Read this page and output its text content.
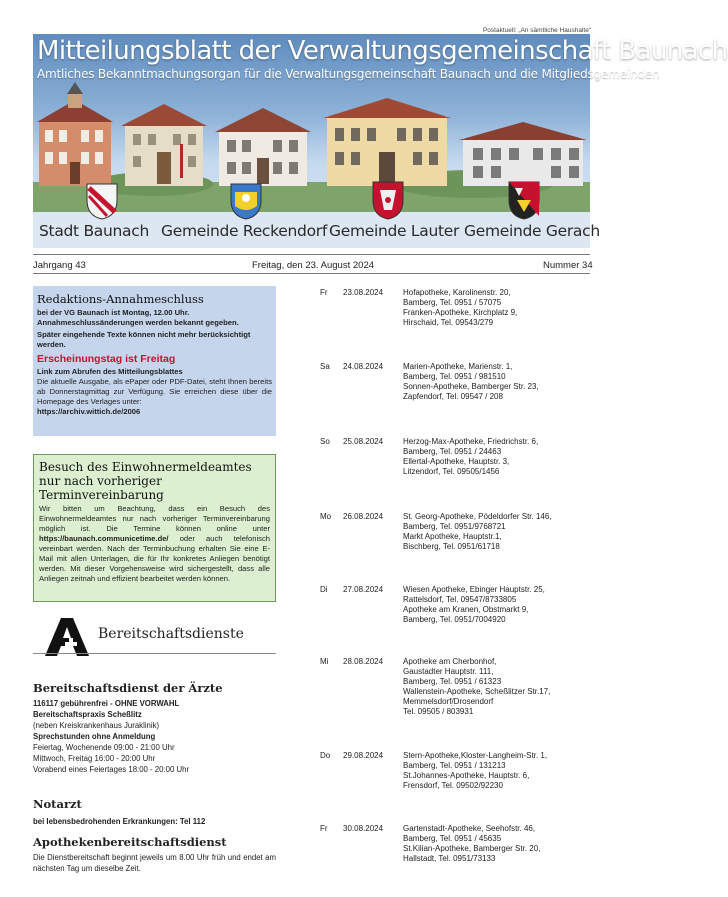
Postaktuell: „An sämtliche Haushalte“
Mitteilungsblatt der Verwaltungsgemeinschaft Baunach
Amtliches Bekanntmachungsorgan für die Verwaltungsgemeinschaft Baunach und die Mitgliedsgemeinden
Stadt Baunach Gemeinde Reckendorf Gemeinde Lauter Gemeinde Gerach
Jahrgang 43	Freitag, den 23. August 2024	Nummer 34
Redaktions-Annahmeschluss

bei der VG Baunach ist Montag, 12.00 Uhr.

Annahmeschlussänderungen werden bekannt gegeben.

Später eingehende Texte können nicht mehr berücksichtigt werden.

Erscheinungstag ist Freitag

Link zum Abrufen des Mitteilungsblattes

Die aktuelle Ausgabe, als ePaper oder PDF-Datei, steht Ihnen bereits ab Donnerstagmittag zur Verfügung. Sie erreichen diese über die Homepage des Verlages unter:

https://archiv.wittich.de/2006

Besuch des Einwohnermeldeamtes nur nach vorheriger Terminvereinbarung

Wir bitten um Beachtung, dass ein Besuch des Einwohnermeldeamtes nur nach vorheriger Terminvereinbarung möglich ist. Die Termine können online unter https://baunach.communicetime.de/ oder auch telefonisch vereinbart werden. Nach der Terminbuchung erhalten Sie eine E-Mail mit allen Unterlagen, die für Ihr konkretes Anliegen benötigt werden. Mit dieser Vorgehensweise wird sichergestellt, dass alle Anliegen zeitnah und effizient bearbeitet werden können.

Bereitschaftsdienste
Bereitschaftsdienst der Ärzte
116117 gebührenfrei - OHNE VORWAHL
Bereitschaftspraxis Scheßlitz
(neben Kreiskrankenhaus Juraklinik)
Sprechstunden ohne Anmeldung
Feiertag, Wochenende 09:00 - 21:00 Uhr
Mittwoch, Freitag 16:00 - 20:00 Uhr
Vorabend eines Feiertages 18:00 - 20:00 Uhr
Notarzt
bei lebensbedrohenden Erkrankungen: Tel 112
Apothekenbereitschaftsdienst
Die Dienstbereitschaft beginnt jeweils um 8.00 Uhr früh und endet am nächsten Tag um dieselbe Zeit.
Fr 23.08.2024 Hofapotheke, Karolinenstr. 20,
Bamberg, Tel. 0951 / 57075
Franken-Apotheke, Kirchplatz 9,
Hirschaid, Tel. 09543/279
Sa 24.08.2024 Marien-Apotheke, Marienstr. 1,
Bamberg, Tel. 0951 / 981510
Sonnen-Apotheke, Bamberger Str. 23,
Zapfendorf, Tel. 09547 / 208
So 25.08.2024 Herzog-Max-Apotheke, Friedrichstr. 6,
Bamberg, Tel. 0951 / 24463
Ellertal-Apotheke, Hauptstr. 3,
Litzendorf, Tel. 09505/1456
Mo 26.08.2024 St. Georg-Apotheke, Pödeldorfer Str. 146,
Bamberg, Tel. 0951/9768721
Markt Apotheke, Hauptstr.1,
Bischberg, Tel. 0951/61718
Di 27.08.2024 Wiesen Apotheke, Ebinger Hauptstr. 25,
Rattelsdorf, Tel. 09547/8733805
Apotheke am Kranen, Obstmarkt 9,
Bamberg, Tel. 0951/7004920
Mi 28.08.2024 Apotheke am Cherbonhof,
Gaustadter Hauptstr. 111,
Bamberg, Tel. 0951 / 61323
Wallenstein-Apotheke, Scheßlitzer Str.17,
Memmelsdorf/Drosendorf
Tel. 09505 / 803931
Do 29.08.2024 Stern-Apotheke,Kloster-Langheim-Str. 1,
Bamberg, Tel. 0951 / 131213
St.Johannes-Apotheke, Hauptstr. 6,
Frensdorf, Tel. 09502/92230
Fr 30.08.2024 Gartenstadt-Apotheke, Seehofstr. 46,
Bamberg, Tel. 0951 / 45635
St.Kilian-Apotheke, Bamberger Str. 20,
Hallstadt, Tel. 0951/73133
